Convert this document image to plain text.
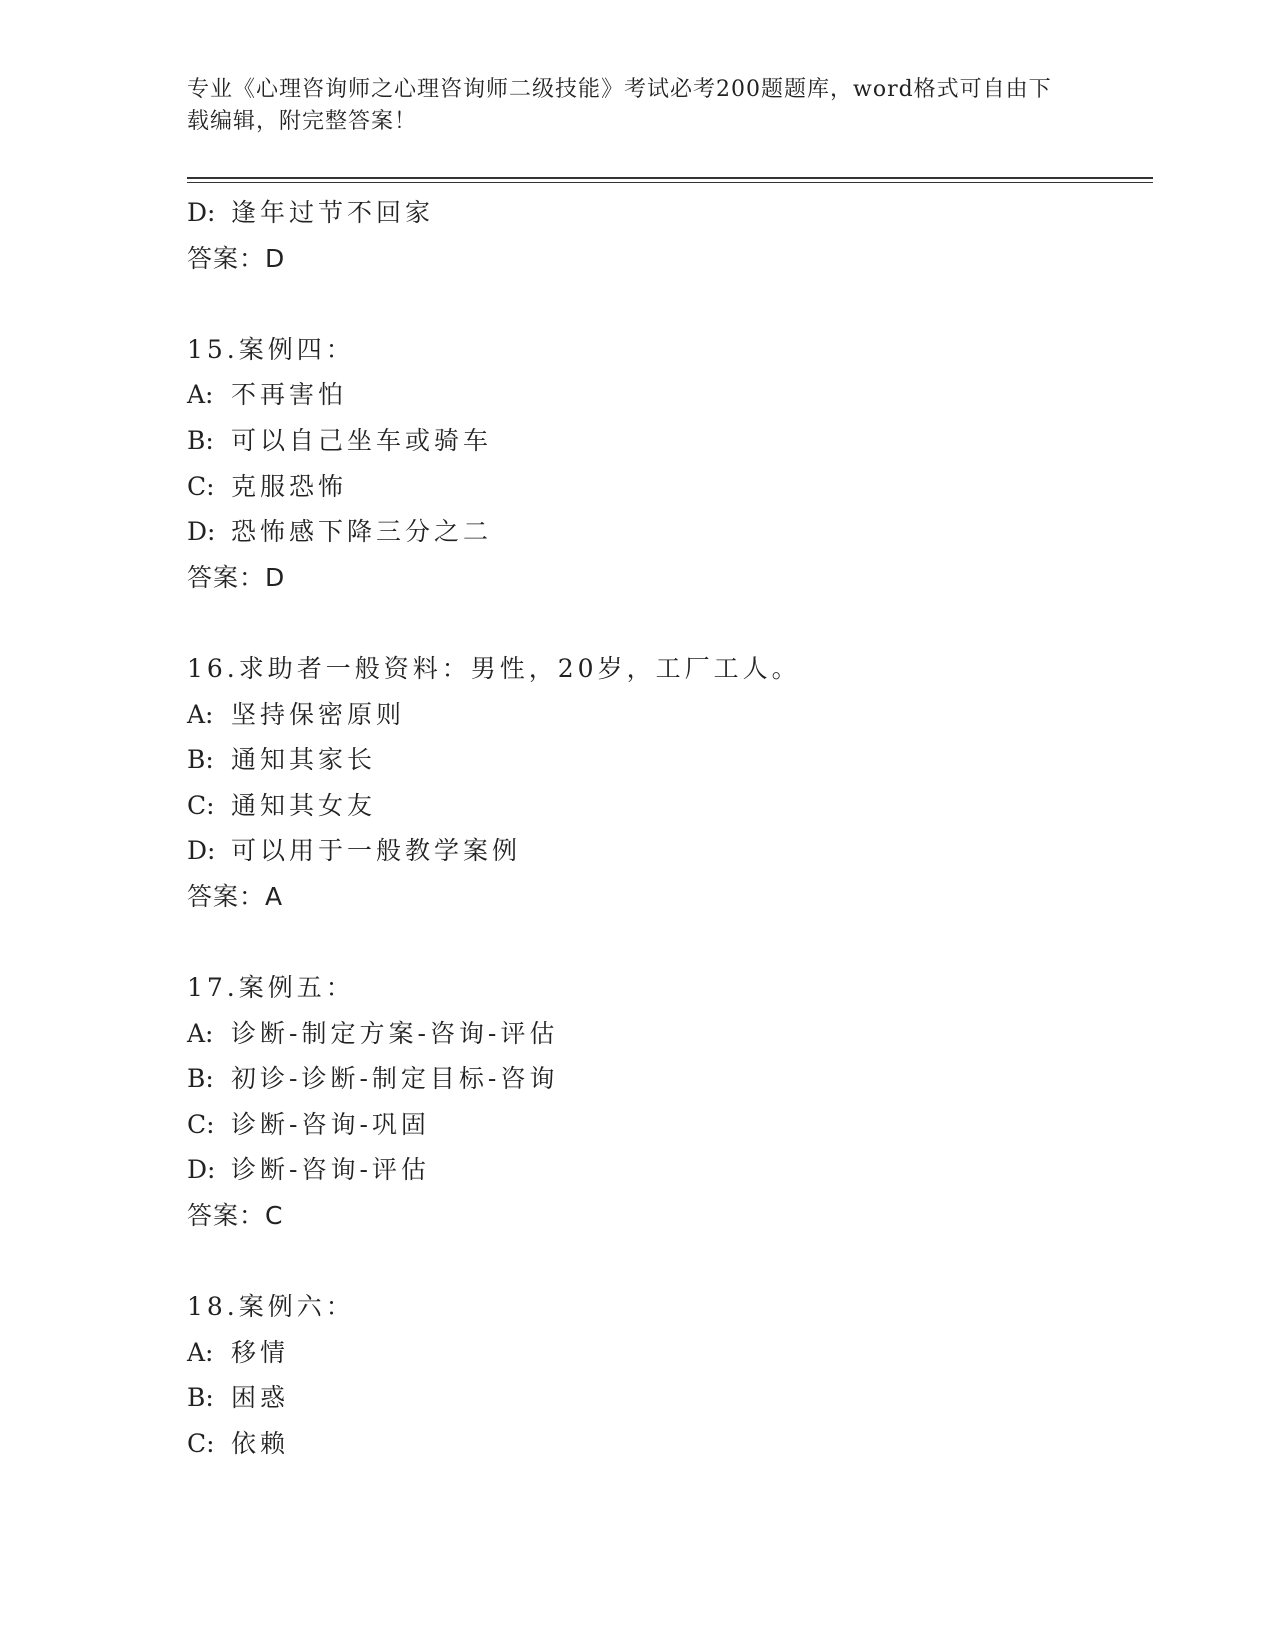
专业《心理咨询师之心理咨询师二级技能》考试必考200题题库，word格式可自由下载编辑，附完整答案！
D: 逢年过节不回家
答案：D
15.案例四：
A: 不再害怕
B: 可以自己坐车或骑车
C: 克服恐怖
D: 恐怖感下降三分之二
答案：D
16.求助者一般资料：男性，20岁，工厂工人。
A: 坚持保密原则
B: 通知其家长
C: 通知其女友
D: 可以用于一般教学案例
答案：A
17.案例五：
A: 诊断-制定方案-咨询-评估
B: 初诊-诊断-制定目标-咨询
C: 诊断-咨询-巩固
D: 诊断-咨询-评估
答案：C
18.案例六：
A: 移情
B: 困惑
C: 依赖
